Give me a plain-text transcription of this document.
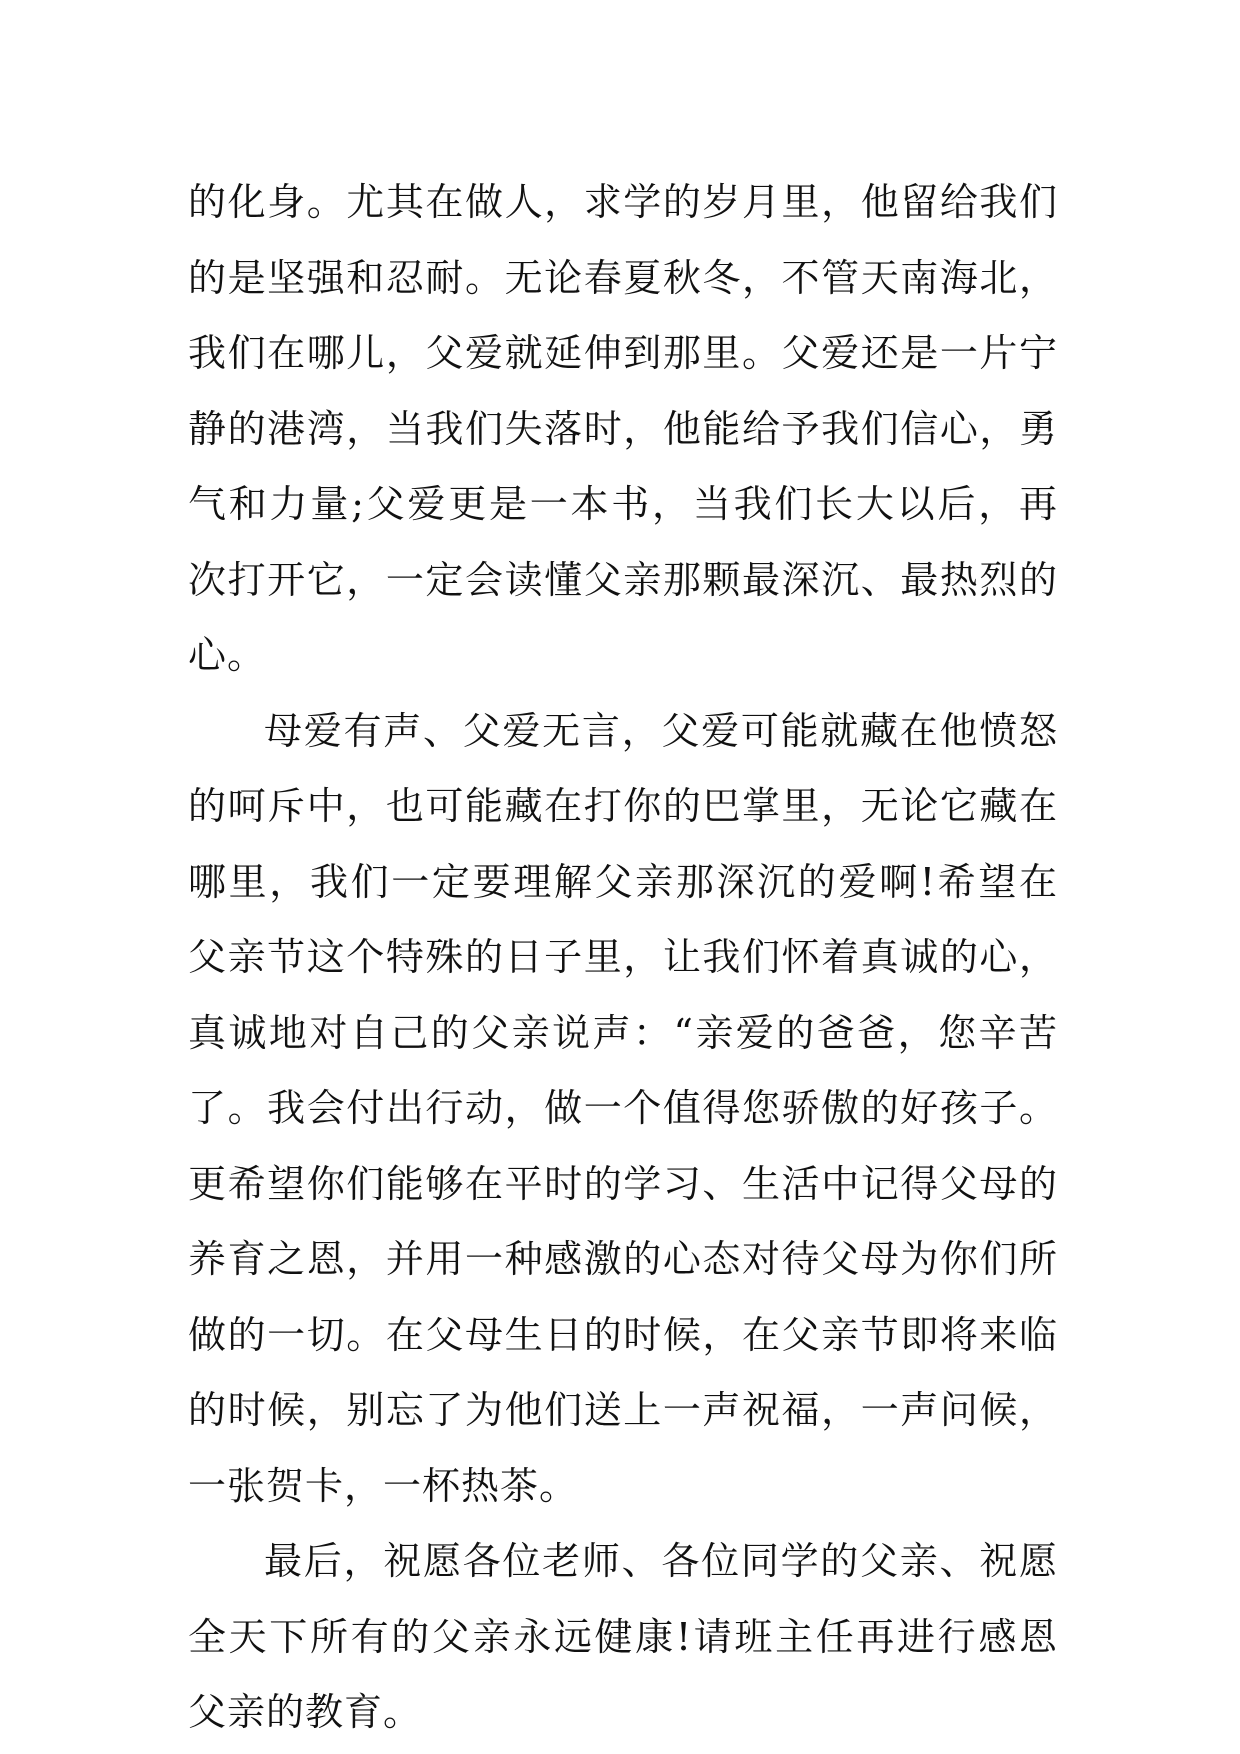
的化身。尤其在做人，求学的岁月里，他留给我们的是坚强和忍耐。无论春夏秋冬，不管天南海北，我们在哪儿，父爱就延伸到那里。父爱还是一片宁静的港湾，当我们失落时，他能给予我们信心，勇气和力量;父爱更是一本书，当我们长大以后，再次打开它，一定会读懂父亲那颗最深沉、最热烈的心。

母爱有声、父爱无言，父爱可能就藏在他愤怒的呵斥中，也可能藏在打你的巴掌里，无论它藏在哪里，我们一定要理解父亲那深沉的爱啊!希望在父亲节这个特殊的日子里，让我们怀着真诚的心，真诚地对自己的父亲说声：“亲爱的爸爸，您辛苦了。我会付出行动，做一个值得您骄傲的好孩子。更希望你们能够在平时的学习、生活中记得父母的养育之恩，并用一种感激的心态对待父母为你们所做的一切。在父母生日的时候，在父亲节即将来临的时候，别忘了为他们送上一声祝福，一声问候，一张贺卡，一杯热茶。

最后，祝愿各位老师、各位同学的父亲、祝愿全天下所有的父亲永远健康!请班主任再进行感恩父亲的教育。
